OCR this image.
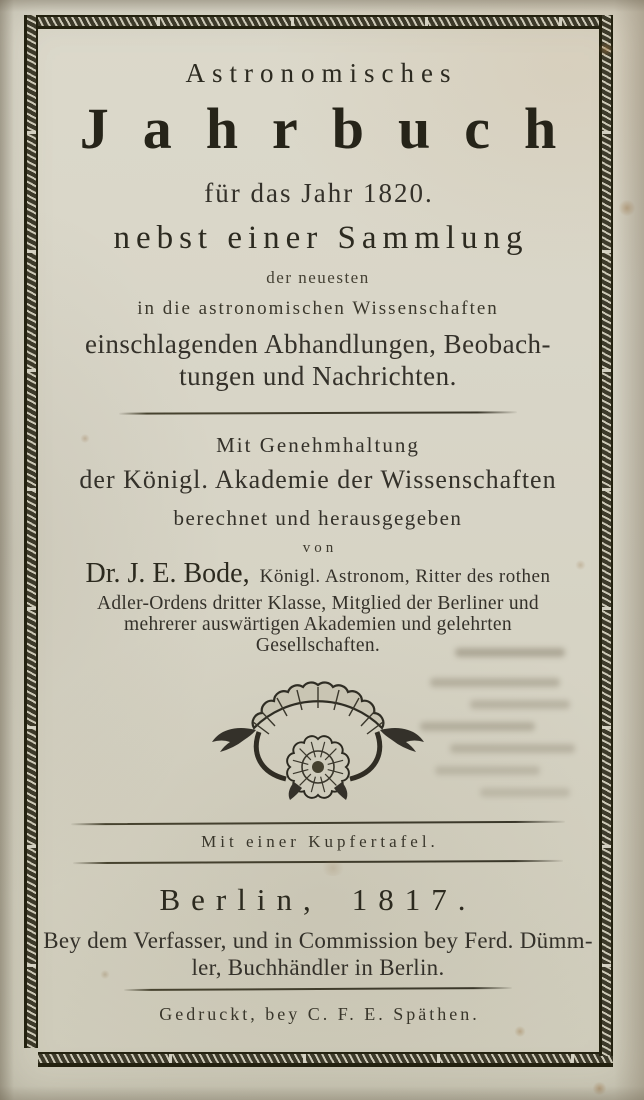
Astronomisches
Jahrbuch
für das Jahr 1820.
nebst einer Sammlung
der neuesten
in die astronomischen Wissenschaften
einschlagenden Abhandlungen, Beobach-
tungen und Nachrichten.
Mit Genehmhaltung
der Königl. Akademie der Wissenschaften
berechnet und herausgegeben
von
Dr. J. E. Bode, Königl. Astronom, Ritter des rothen
Adler-Ordens dritter Klasse, Mitglied der Berliner und
mehrerer auswärtigen Akademien und gelehrten
Gesellschaften.
Mit einer Kupfertafel.
Berlin, 1817.
Bey dem Verfasser, und in Commission bey Ferd. Dümm-
ler, Buchhändler in Berlin.
Gedruckt, bey C. F. E. Späthen.
